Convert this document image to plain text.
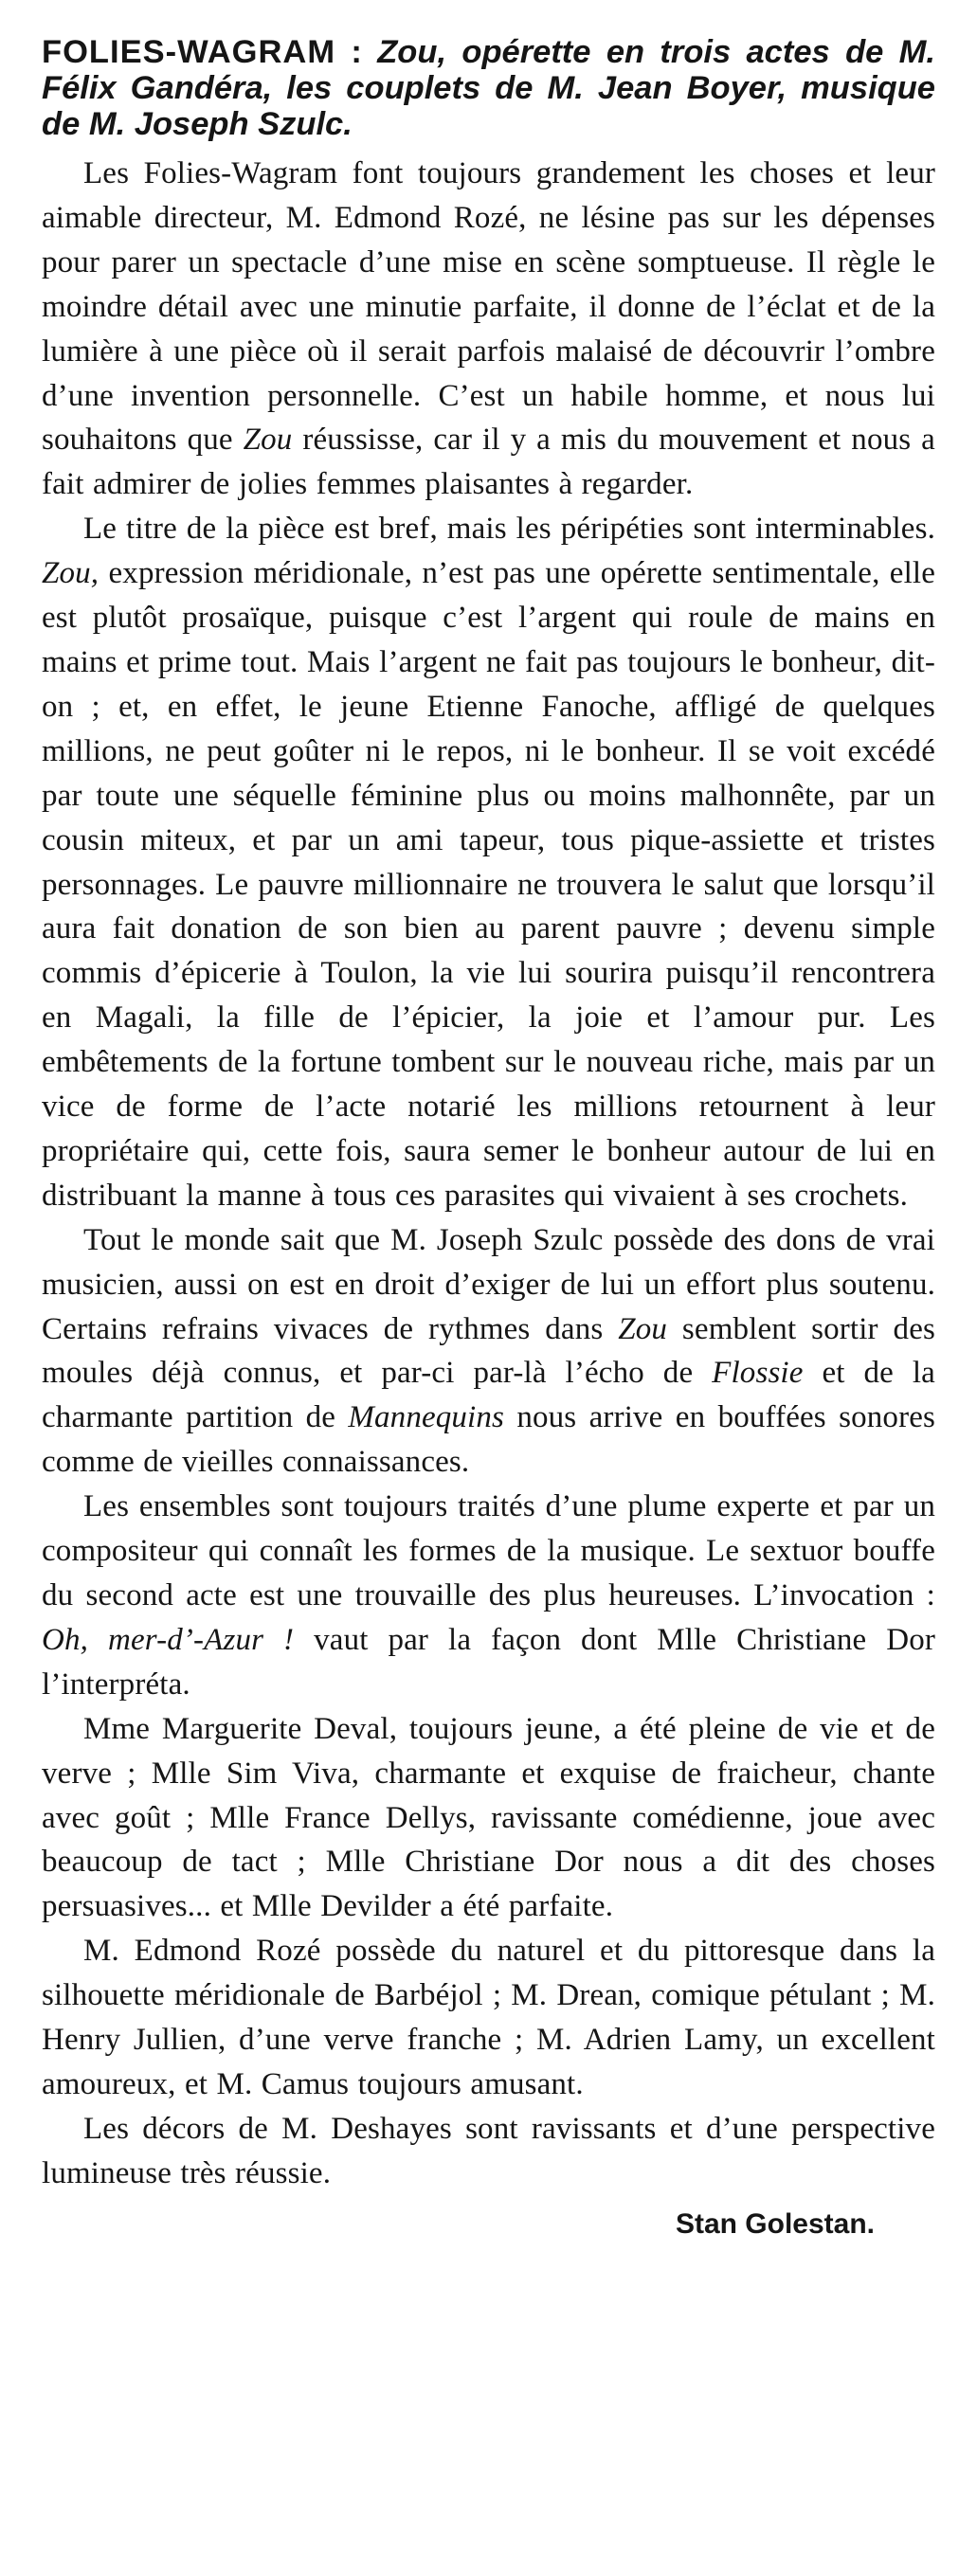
FOLIES-WAGRAM : Zou, opérette en trois actes de M. Félix Gandéra, les couplets de M. Jean Boyer, musique de M. Joseph Szulc.

Les Folies-Wagram font toujours grandement les choses et leur aimable directeur, M. Edmond Rozé, ne lésine pas sur les dépenses pour parer un spectacle d’une mise en scène somptueuse. Il règle le moindre détail avec une minutie parfaite, il donne de l’éclat et de la lumière à une pièce où il serait parfois malaisé de découvrir l’ombre d’une invention personnelle. C’est un habile homme, et nous lui souhaitons que Zou réussisse, car il y a mis du mouvement et nous a fait admirer de jolies femmes plaisantes à regarder.

Le titre de la pièce est bref, mais les péripéties sont interminables. Zou, expression méridionale, n’est pas une opérette sentimentale, elle est plutôt prosaïque, puisque c’est l’argent qui roule de mains en mains et prime tout. Mais l’argent ne fait pas toujours le bonheur, dit-on ; et, en effet, le jeune Etienne Fanoche, affligé de quelques millions, ne peut goûter ni le repos, ni le bonheur. Il se voit excédé par toute une séquelle féminine plus ou moins malhonnête, par un cousin miteux, et par un ami tapeur, tous pique-assiette et tristes personnages. Le pauvre millionnaire ne trouvera le salut que lorsqu’il aura fait donation de son bien au parent pauvre ; devenu simple commis d’épicerie à Toulon, la vie lui sourira puisqu’il rencontrera en Magali, la fille de l’épicier, la joie et l’amour pur. Les embêtements de la fortune tombent sur le nouveau riche, mais par un vice de forme de l’acte notarié les millions retournent à leur propriétaire qui, cette fois, saura semer le bonheur autour de lui en distribuant la manne à tous ces parasites qui vivaient à ses crochets.

Tout le monde sait que M. Joseph Szulc possède des dons de vrai musicien, aussi on est en droit d’exiger de lui un effort plus soutenu. Certains refrains vivaces de rythmes dans Zou semblent sortir des moules déjà connus, et par-ci par-là l’écho de Flossie et de la charmante partition de Mannequins nous arrive en bouffées sonores comme de vieilles connaissances.

Les ensembles sont toujours traités d’une plume experte et par un compositeur qui connaît les formes de la musique. Le sextuor bouffe du second acte est une trouvaille des plus heureuses. L’invocation : Oh, mer-d’-Azur ! vaut par la façon dont Mlle Christiane Dor l’interpréta.

Mme Marguerite Deval, toujours jeune, a été pleine de vie et de verve ; Mlle Sim Viva, charmante et exquise de fraicheur, chante avec goût ; Mlle France Dellys, ravissante comédienne, joue avec beaucoup de tact ; Mlle Christiane Dor nous a dit des choses persuasives... et Mlle Devilder a été parfaite.

M. Edmond Rozé possède du naturel et du pittoresque dans la silhouette méridionale de Barbéjol ; M. Drean, comique pétulant ; M. Henry Jullien, d’une verve franche ; M. Adrien Lamy, un excellent amoureux, et M. Camus toujours amusant.

Les décors de M. Deshayes sont ravissants et d’une perspective lumineuse très réussie.

Stan Golestan.
